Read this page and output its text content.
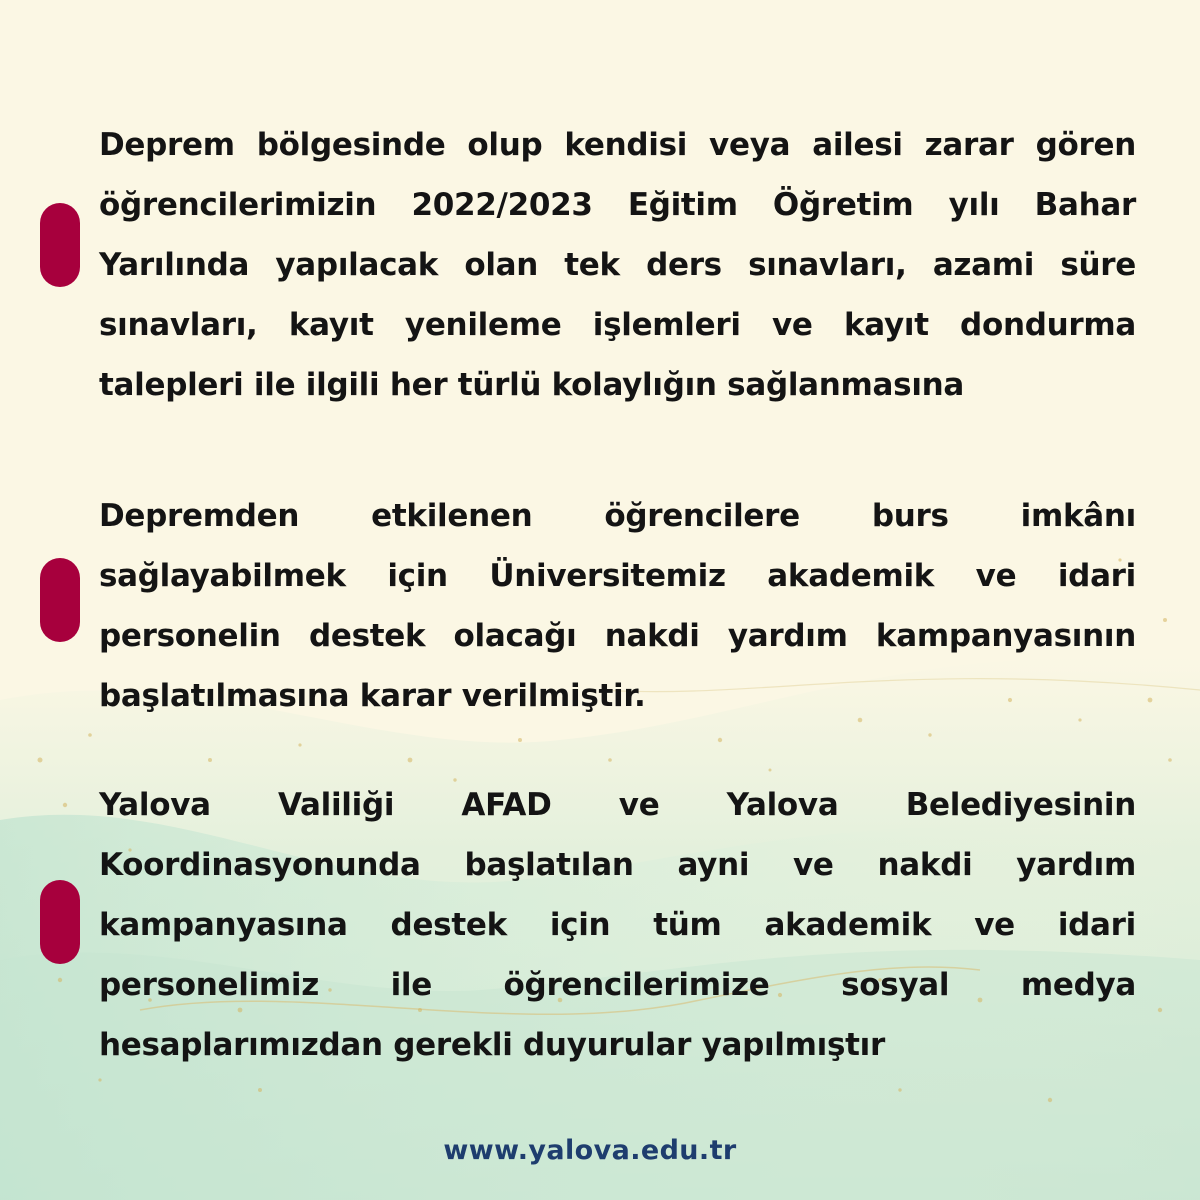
Deprem bölgesinde olup kendisi veya ailesi zarar gören öğrencilerimizin 2022/2023 Eğitim Öğretim yılı Bahar Yarılında yapılacak olan tek ders sınavları, azami süre sınavları, kayıt yenileme işlemleri ve kayıt dondurma talepleri ile ilgili her türlü kolaylığın sağlanmasına

Depremden etkilenen öğrencilere burs imkânı sağlayabilmek için Üniversitemiz akademik ve idari personelin destek olacağı nakdi yardım kampanyasının başlatılmasına karar verilmiştir.

Yalova Valiliği AFAD ve Yalova Belediyesinin Koordinasyonunda başlatılan ayni ve nakdi yardım kampanyasına destek için tüm akademik ve idari personelimiz ile öğrencilerimize sosyal medya hesaplarımızdan gerekli duyurular yapılmıştır

www.yalova.edu.tr
